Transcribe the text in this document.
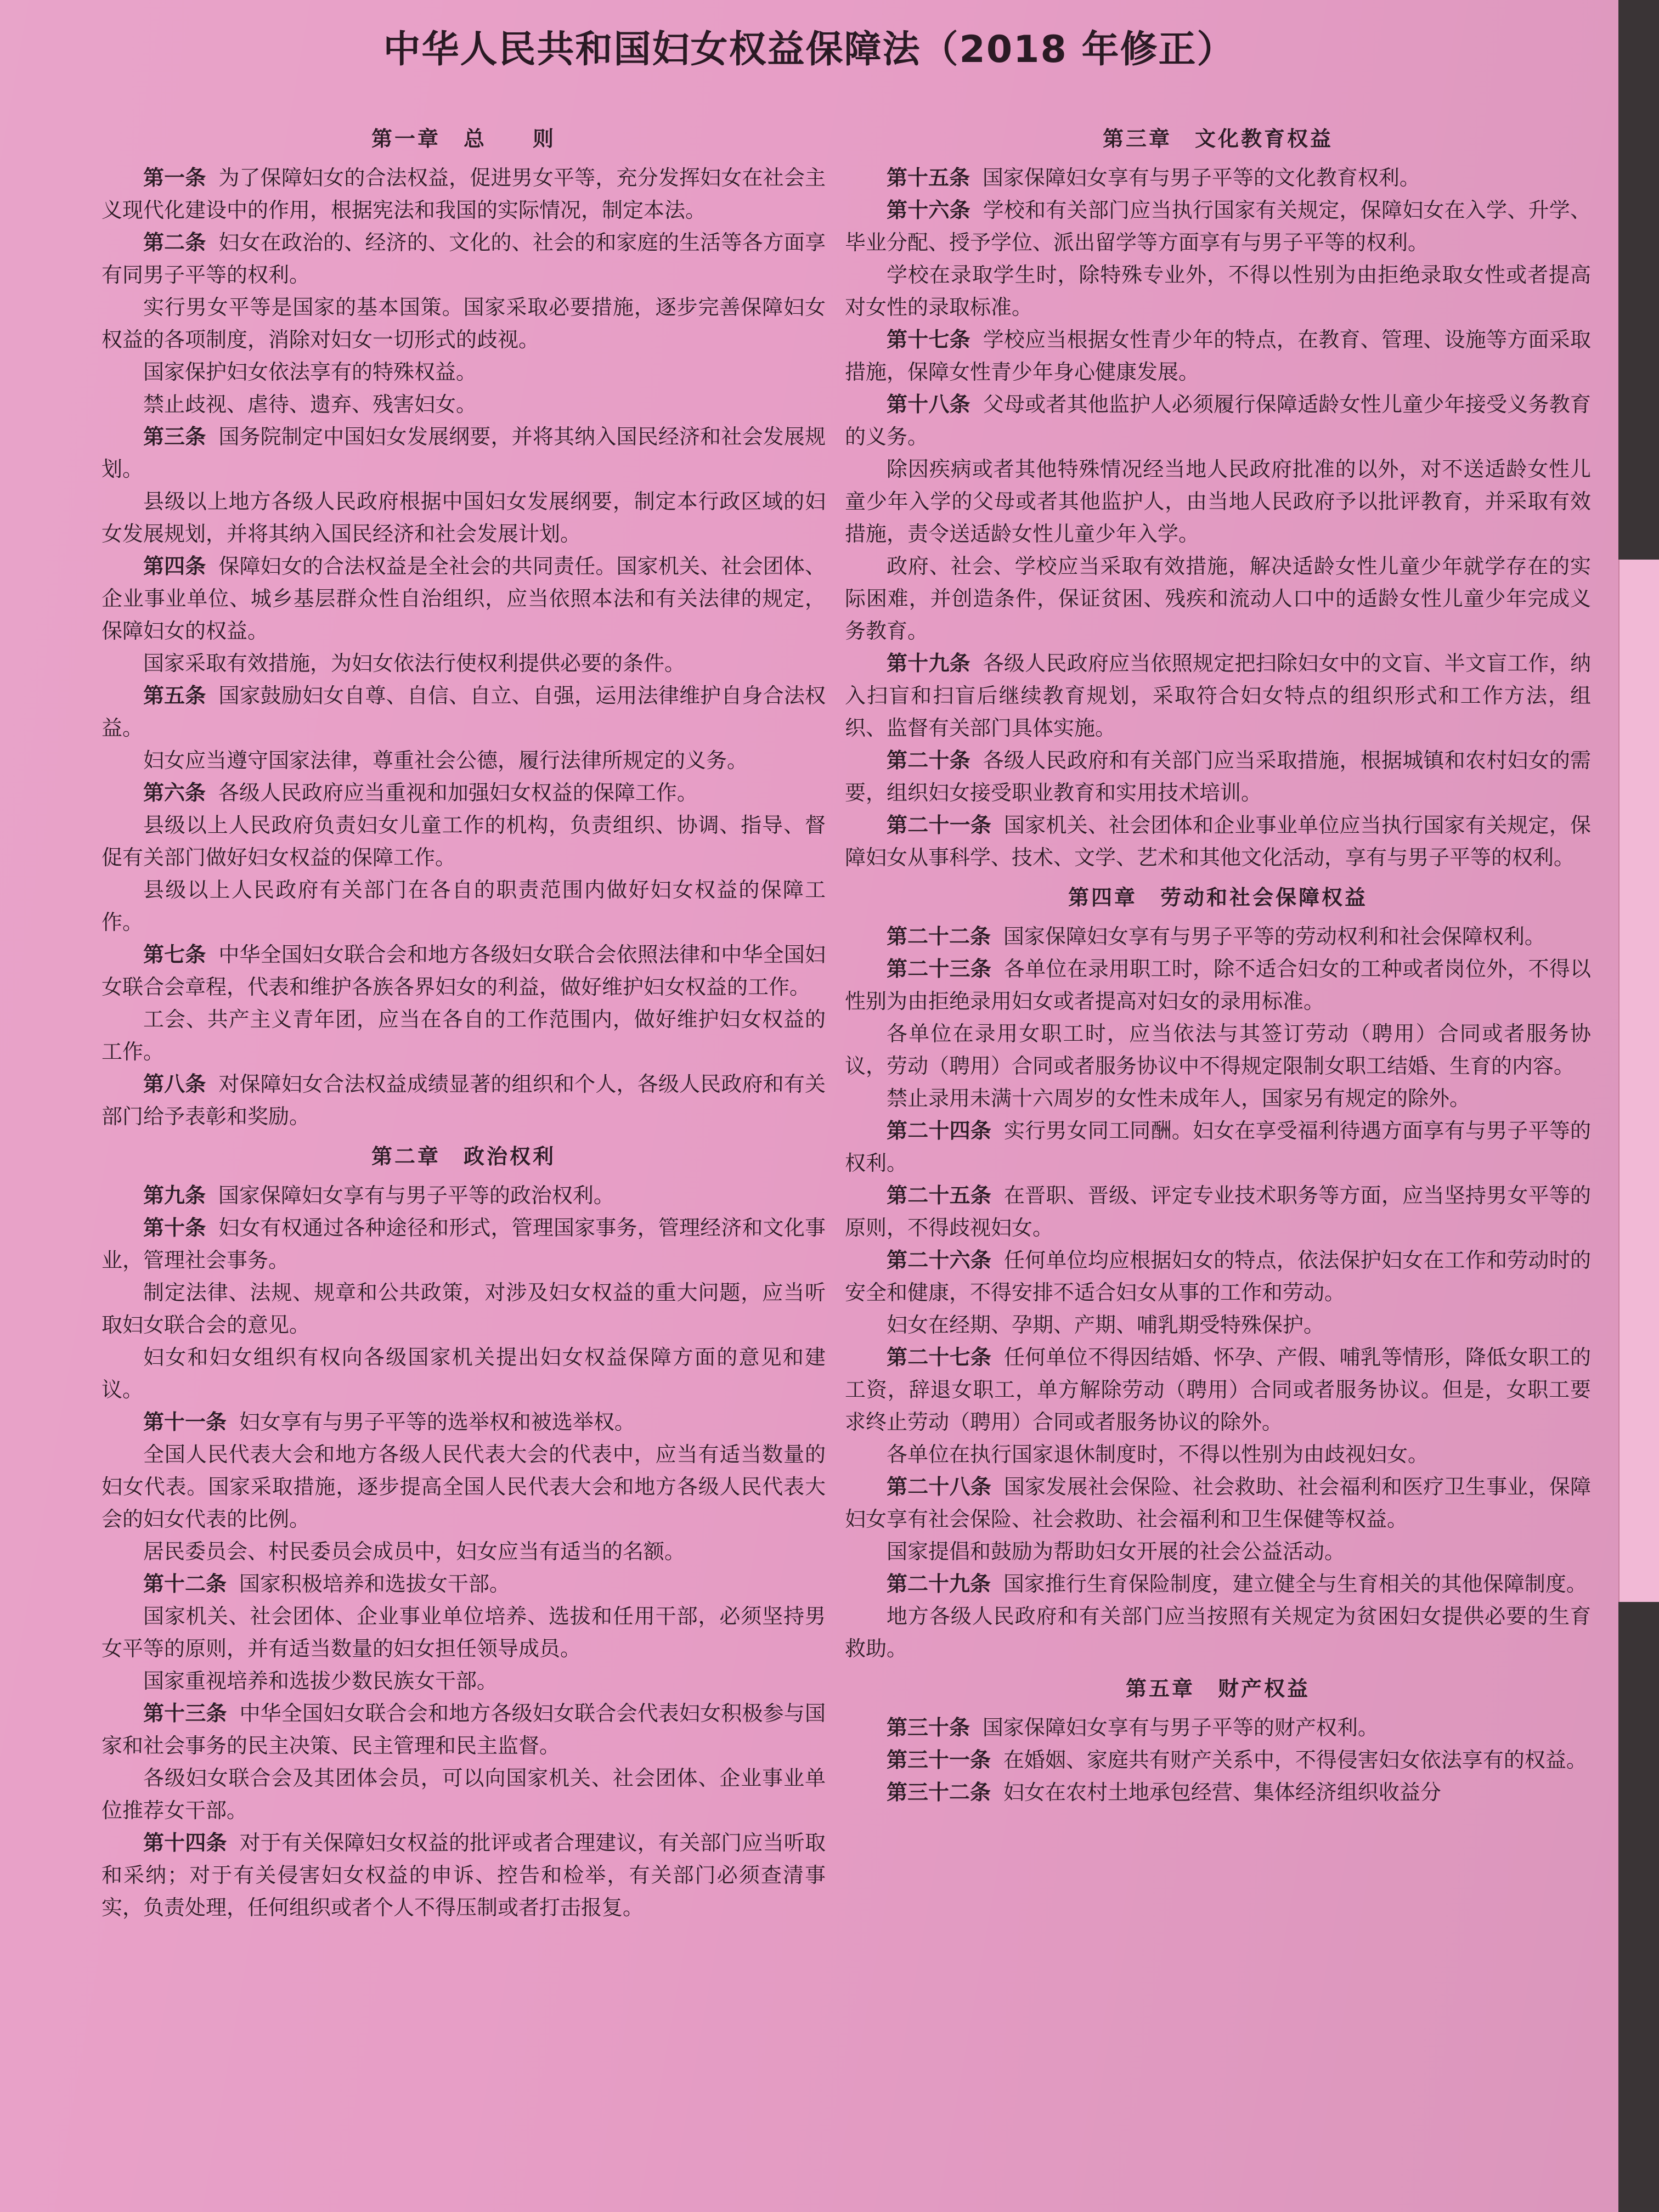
中华人民共和国妇女权益保障法（2018 年修正）
第一章　总　　则

第一条 为了保障妇女的合法权益，促进男女平等，充分发挥妇女在社会主义现代化建设中的作用，根据宪法和我国的实际情况，制定本法。

第二条 妇女在政治的、经济的、文化的、社会的和家庭的生活等各方面享有同男子平等的权利。

实行男女平等是国家的基本国策。国家采取必要措施，逐步完善保障妇女权益的各项制度，消除对妇女一切形式的歧视。

国家保护妇女依法享有的特殊权益。

禁止歧视、虐待、遗弃、残害妇女。

第三条 国务院制定中国妇女发展纲要，并将其纳入国民经济和社会发展规划。

县级以上地方各级人民政府根据中国妇女发展纲要，制定本行政区域的妇女发展规划，并将其纳入国民经济和社会发展计划。

第四条 保障妇女的合法权益是全社会的共同责任。国家机关、社会团体、企业事业单位、城乡基层群众性自治组织，应当依照本法和有关法律的规定，保障妇女的权益。

国家采取有效措施，为妇女依法行使权利提供必要的条件。

第五条 国家鼓励妇女自尊、自信、自立、自强，运用法律维护自身合法权益。

妇女应当遵守国家法律，尊重社会公德，履行法律所规定的义务。

第六条 各级人民政府应当重视和加强妇女权益的保障工作。

县级以上人民政府负责妇女儿童工作的机构，负责组织、协调、指导、督促有关部门做好妇女权益的保障工作。

县级以上人民政府有关部门在各自的职责范围内做好妇女权益的保障工作。

第七条 中华全国妇女联合会和地方各级妇女联合会依照法律和中华全国妇女联合会章程，代表和维护各族各界妇女的利益，做好维护妇女权益的工作。

工会、共产主义青年团，应当在各自的工作范围内，做好维护妇女权益的工作。

第八条 对保障妇女合法权益成绩显著的组织和个人，各级人民政府和有关部门给予表彰和奖励。

第二章　政治权利

第九条 国家保障妇女享有与男子平等的政治权利。

第十条 妇女有权通过各种途径和形式，管理国家事务，管理经济和文化事业，管理社会事务。

制定法律、法规、规章和公共政策，对涉及妇女权益的重大问题，应当听取妇女联合会的意见。

妇女和妇女组织有权向各级国家机关提出妇女权益保障方面的意见和建议。

第十一条 妇女享有与男子平等的选举权和被选举权。

全国人民代表大会和地方各级人民代表大会的代表中，应当有适当数量的妇女代表。国家采取措施，逐步提高全国人民代表大会和地方各级人民代表大会的妇女代表的比例。

居民委员会、村民委员会成员中，妇女应当有适当的名额。

第十二条 国家积极培养和选拔女干部。

国家机关、社会团体、企业事业单位培养、选拔和任用干部，必须坚持男女平等的原则，并有适当数量的妇女担任领导成员。

国家重视培养和选拔少数民族女干部。

第十三条 中华全国妇女联合会和地方各级妇女联合会代表妇女积极参与国家和社会事务的民主决策、民主管理和民主监督。

各级妇女联合会及其团体会员，可以向国家机关、社会团体、企业事业单位推荐女干部。

第十四条 对于有关保障妇女权益的批评或者合理建议，有关部门应当听取和采纳；对于有关侵害妇女权益的申诉、控告和检举，有关部门必须查清事实，负责处理，任何组织或者个人不得压制或者打击报复。

第三章　文化教育权益

第十五条 国家保障妇女享有与男子平等的文化教育权利。

第十六条 学校和有关部门应当执行国家有关规定，保障妇女在入学、升学、毕业分配、授予学位、派出留学等方面享有与男子平等的权利。

学校在录取学生时，除特殊专业外，不得以性别为由拒绝录取女性或者提高对女性的录取标准。

第十七条 学校应当根据女性青少年的特点，在教育、管理、设施等方面采取措施，保障女性青少年身心健康发展。

第十八条 父母或者其他监护人必须履行保障适龄女性儿童少年接受义务教育的义务。

除因疾病或者其他特殊情况经当地人民政府批准的以外，对不送适龄女性儿童少年入学的父母或者其他监护人，由当地人民政府予以批评教育，并采取有效措施，责令送适龄女性儿童少年入学。

政府、社会、学校应当采取有效措施，解决适龄女性儿童少年就学存在的实际困难，并创造条件，保证贫困、残疾和流动人口中的适龄女性儿童少年完成义务教育。

第十九条 各级人民政府应当依照规定把扫除妇女中的文盲、半文盲工作，纳入扫盲和扫盲后继续教育规划，采取符合妇女特点的组织形式和工作方法，组织、监督有关部门具体实施。

第二十条 各级人民政府和有关部门应当采取措施，根据城镇和农村妇女的需要，组织妇女接受职业教育和实用技术培训。

第二十一条 国家机关、社会团体和企业事业单位应当执行国家有关规定，保障妇女从事科学、技术、文学、艺术和其他文化活动，享有与男子平等的权利。

第四章　劳动和社会保障权益

第二十二条 国家保障妇女享有与男子平等的劳动权利和社会保障权利。

第二十三条 各单位在录用职工时，除不适合妇女的工种或者岗位外，不得以性别为由拒绝录用妇女或者提高对妇女的录用标准。

各单位在录用女职工时，应当依法与其签订劳动（聘用）合同或者服务协议，劳动（聘用）合同或者服务协议中不得规定限制女职工结婚、生育的内容。

禁止录用未满十六周岁的女性未成年人，国家另有规定的除外。

第二十四条 实行男女同工同酬。妇女在享受福利待遇方面享有与男子平等的权利。

第二十五条 在晋职、晋级、评定专业技术职务等方面，应当坚持男女平等的原则，不得歧视妇女。

第二十六条 任何单位均应根据妇女的特点，依法保护妇女在工作和劳动时的安全和健康，不得安排不适合妇女从事的工作和劳动。

妇女在经期、孕期、产期、哺乳期受特殊保护。

第二十七条 任何单位不得因结婚、怀孕、产假、哺乳等情形，降低女职工的工资，辞退女职工，单方解除劳动（聘用）合同或者服务协议。但是，女职工要求终止劳动（聘用）合同或者服务协议的除外。

各单位在执行国家退休制度时，不得以性别为由歧视妇女。

第二十八条 国家发展社会保险、社会救助、社会福利和医疗卫生事业，保障妇女享有社会保险、社会救助、社会福利和卫生保健等权益。

国家提倡和鼓励为帮助妇女开展的社会公益活动。

第二十九条 国家推行生育保险制度，建立健全与生育相关的其他保障制度。

地方各级人民政府和有关部门应当按照有关规定为贫困妇女提供必要的生育救助。

第五章　财产权益

第三十条 国家保障妇女享有与男子平等的财产权利。

第三十一条 在婚姻、家庭共有财产关系中，不得侵害妇女依法享有的权益。

第三十二条 妇女在农村土地承包经营、集体经济组织收益分
